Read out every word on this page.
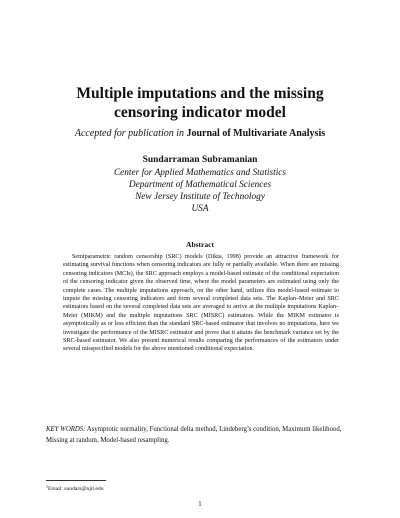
Multiple imputations and the missing
censoring indicator model
Accepted for publication in Journal of Multivariate Analysis
Sundarraman Subramanian
Center for Applied Mathematics and Statistics
Department of Mathematical Sciences
New Jersey Institute of Technology
USA
Abstract

Semiparametric random censorship (SRC) models (Dikta, 1998) provide an attractive framework for estimating survival functions when censoring indicators are fully or partially available. When there are missing censoring indicators (MCIs), the SRC approach employs a model-based estimate of the conditional expectation of the censoring indicator given the observed time, where the model parameters are estimated using only the complete cases. The multiple imputations approach, on the other hand, utilizes this model-based estimate to impute the missing censoring indicators and form several completed data sets. The Kaplan–Meier and SRC estimators based on the several completed data sets are averaged to arrive at the multiple imputations Kaplan–Meier (MIKM) and the multiple imputations SRC (MISRC) estimators. While the MIKM estimator is asymptotically as or less efficient than the standard SRC-based estimator that involves no imputations, here we investigate the performance of the MISRC estimator and prove that it attains the benchmark variance set by the SRC-based estimator. We also present numerical results comparing the performances of the estimators under several misspecified models for the above mentioned conditional expectation.

KEY WORDS: Asymptotic normality, Functional delta method, Lindeberg’s condition, Maximum likelihood, Missing at random, Model-based resampling.

$^1$Email: sundars@njit.edu
1
